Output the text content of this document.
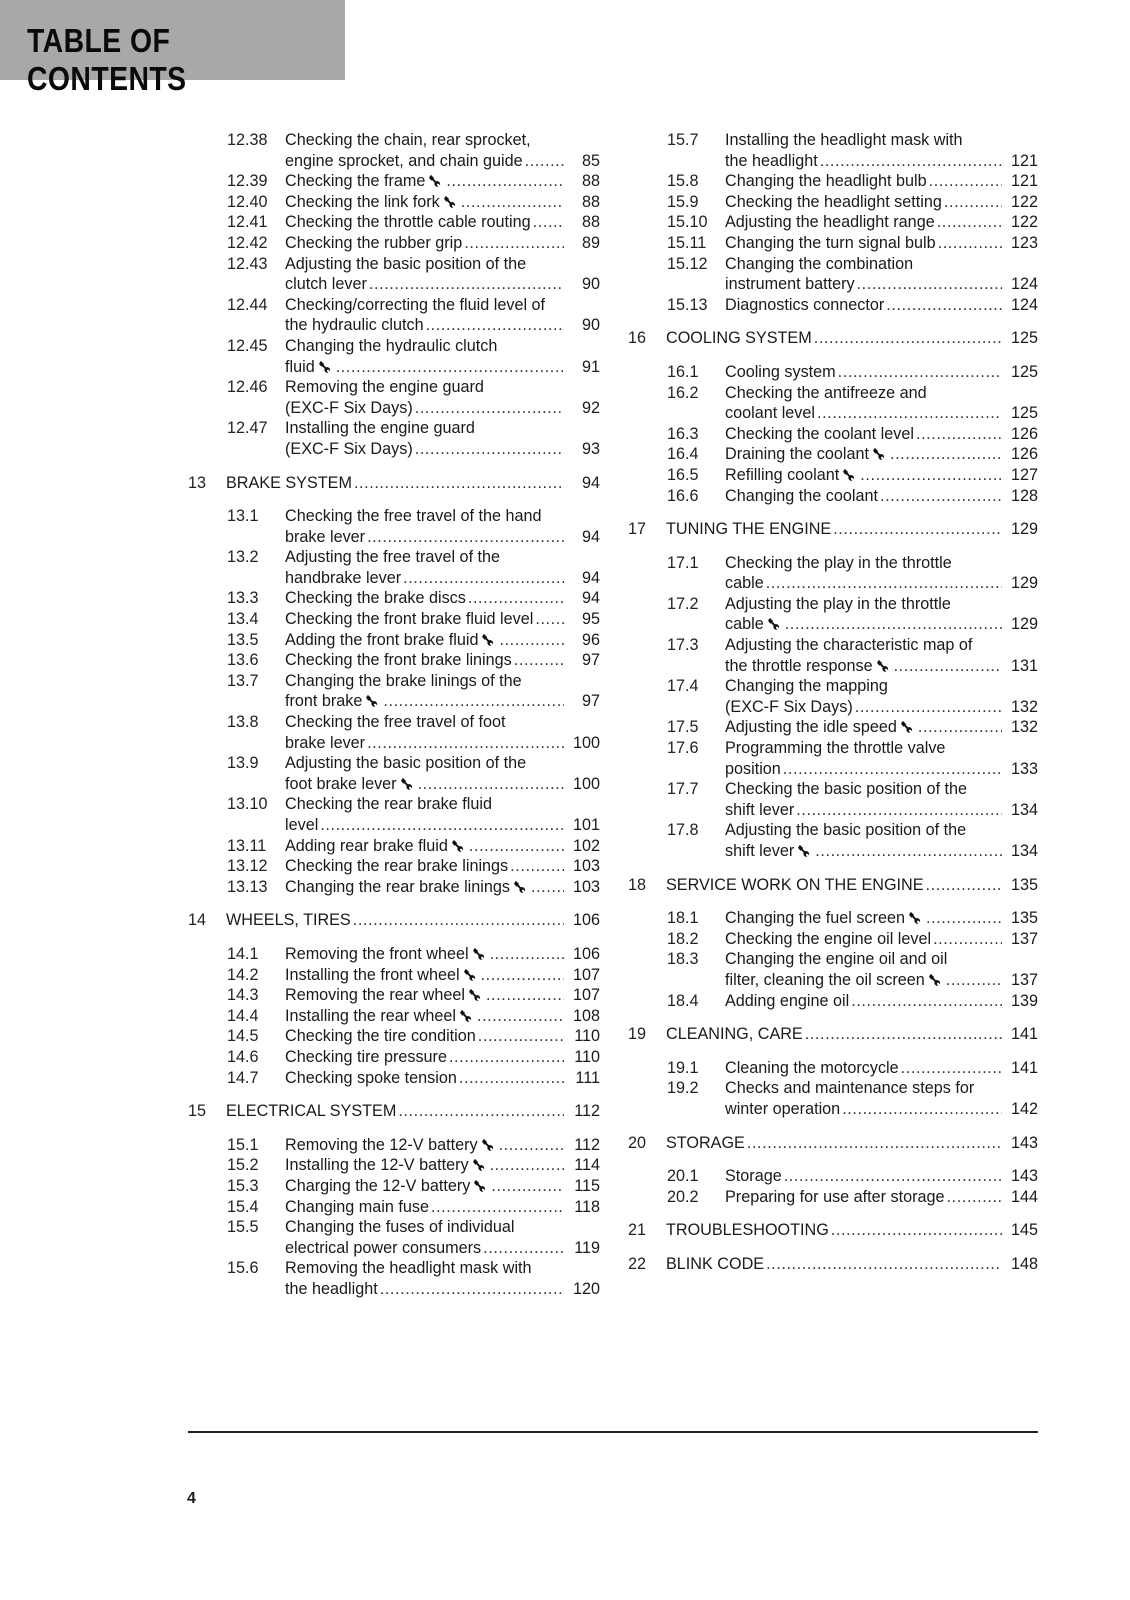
TABLE OF CONTENTS
12.38 Checking the chain, rear sprocket,
engine sprocket, and chain guide .....	85
12.39 Checking the frame .....	88
12.40 Checking the link fork .....	88
12.41 Checking the throttle cable routing .....	88
12.42 Checking the rubber grip .....	89
12.43 Adjusting the basic position of the
clutch lever .....	90
12.44 Checking/correcting the fluid level of
the hydraulic clutch .....	90
12.45 Changing the hydraulic clutch
fluid .....	91
12.46 Removing the engine guard
(EXC-F Six Days) .....	92
12.47 Installing the engine guard
(EXC-F Six Days) .....	93
13 BRAKE SYSTEM .....	94
13.1 Checking the free travel of the hand
brake lever .....	94
13.2 Adjusting the free travel of the
handbrake lever .....	94
13.3 Checking the brake discs .....	94
13.4 Checking the front brake fluid level .....	95
13.5 Adding the front brake fluid .....	96
13.6 Checking the front brake linings .....	97
13.7 Changing the brake linings of the
front brake .....	97
13.8 Checking the free travel of foot
brake lever .....	100
13.9 Adjusting the basic position of the
foot brake lever .....	100
13.10 Checking the rear brake fluid
level .....	101
13.11 Adding rear brake fluid .....	102
13.12 Checking the rear brake linings .....	103
13.13 Changing the rear brake linings .....	103
14 WHEELS, TIRES .....	106
14.1 Removing the front wheel .....	106
14.2 Installing the front wheel .....	107
14.3 Removing the rear wheel .....	107
14.4 Installing the rear wheel .....	108
14.5 Checking the tire condition .....	110
14.6 Checking tire pressure .....	110
14.7 Checking spoke tension .....	111
15 ELECTRICAL SYSTEM .....	112
15.1 Removing the 12-V battery .....	112
15.2 Installing the 12-V battery .....	114
15.3 Charging the 12-V battery .....	115
15.4 Changing main fuse .....	118
15.5 Changing the fuses of individual
electrical power consumers .....	119
15.6 Removing the headlight mask with
the headlight .....	120
15.7 Installing the headlight mask with
the headlight .....	121
15.8 Changing the headlight bulb .....	121
15.9 Checking the headlight setting .....	122
15.10 Adjusting the headlight range .....	122
15.11 Changing the turn signal bulb .....	123
15.12 Changing the combination
instrument battery .....	124
15.13 Diagnostics connector .....	124
16 COOLING SYSTEM .....	125
16.1 Cooling system .....	125
16.2 Checking the antifreeze and
coolant level .....	125
16.3 Checking the coolant level .....	126
16.4 Draining the coolant .....	126
16.5 Refilling coolant .....	127
16.6 Changing the coolant .....	128
17 TUNING THE ENGINE .....	129
17.1 Checking the play in the throttle
cable .....	129
17.2 Adjusting the play in the throttle
cable .....	129
17.3 Adjusting the characteristic map of
the throttle response .....	131
17.4 Changing the mapping
(EXC-F Six Days) .....	132
17.5 Adjusting the idle speed .....	132
17.6 Programming the throttle valve
position .....	133
17.7 Checking the basic position of the
shift lever .....	134
17.8 Adjusting the basic position of the
shift lever .....	134
18 SERVICE WORK ON THE ENGINE .....	135
18.1 Changing the fuel screen .....	135
18.2 Checking the engine oil level .....	137
18.3 Changing the engine oil and oil
filter, cleaning the oil screen .....	137
18.4 Adding engine oil .....	139
19 CLEANING, CARE .....	141
19.1 Cleaning the motorcycle .....	141
19.2 Checks and maintenance steps for
winter operation .....	142
20 STORAGE .....	143
20.1 Storage .....	143
20.2 Preparing for use after storage .....	144
21 TROUBLESHOOTING .....	145
22 BLINK CODE .....	148
4
